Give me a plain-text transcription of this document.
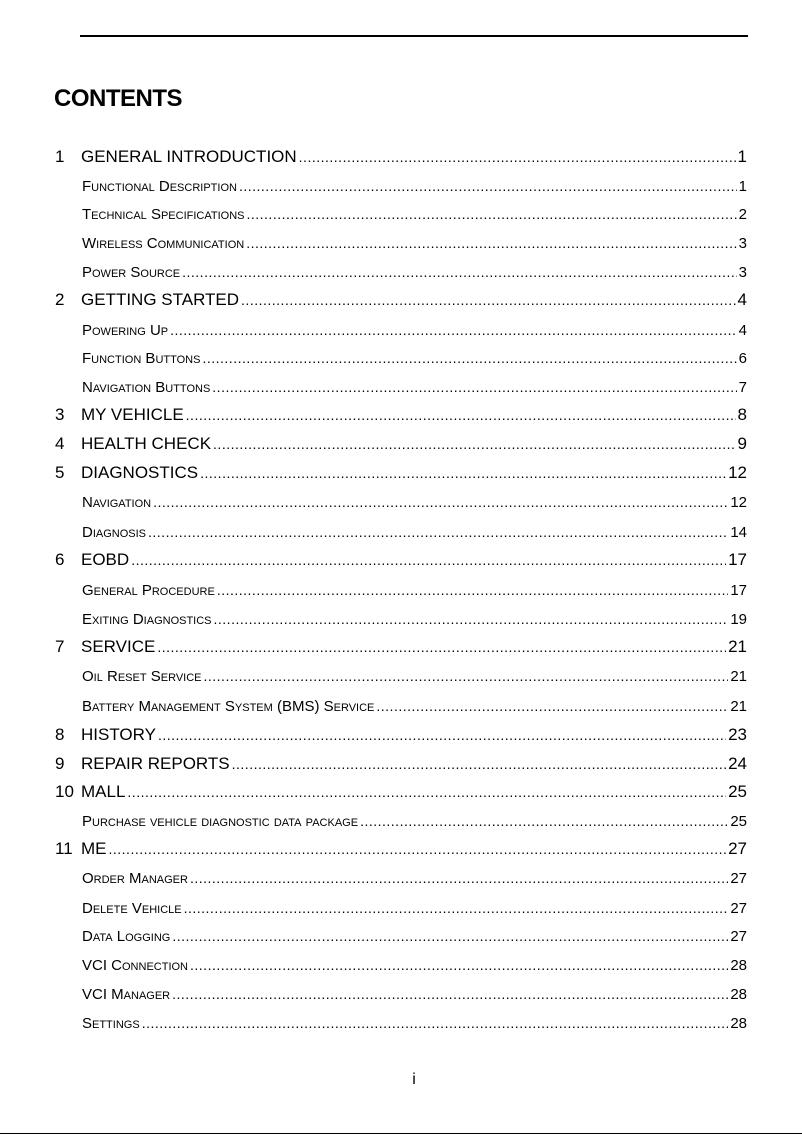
CONTENTS
1 GENERAL INTRODUCTION .....	1
Functional Description .....	1
Technical Specifications .....	2
Wireless Communication .....	3
Power Source .....	3
2 GETTING STARTED .....	4
Powering Up .....	4
Function Buttons .....	6
Navigation Buttons .....	7
3 MY VEHICLE .....	8
4 HEALTH CHECK .....	9
5 DIAGNOSTICS .....	12
Navigation .....	12
Diagnosis .....	14
6 EOBD .....	17
General Procedure .....	17
Exiting Diagnostics .....	19
7 SERVICE .....	21
Oil Reset Service .....	21
Battery Management System (BMS) Service .....	21
8 HISTORY .....	23
9 REPAIR REPORTS .....	24
10 MALL .....	25
Purchase vehicle diagnostic data package .....	25
11 ME .....	27
Order Manager .....	27
Delete Vehicle .....	27
Data Logging .....	27
VCI Connection .....	28
VCI Manager .....	28
Settings .....	28
i
